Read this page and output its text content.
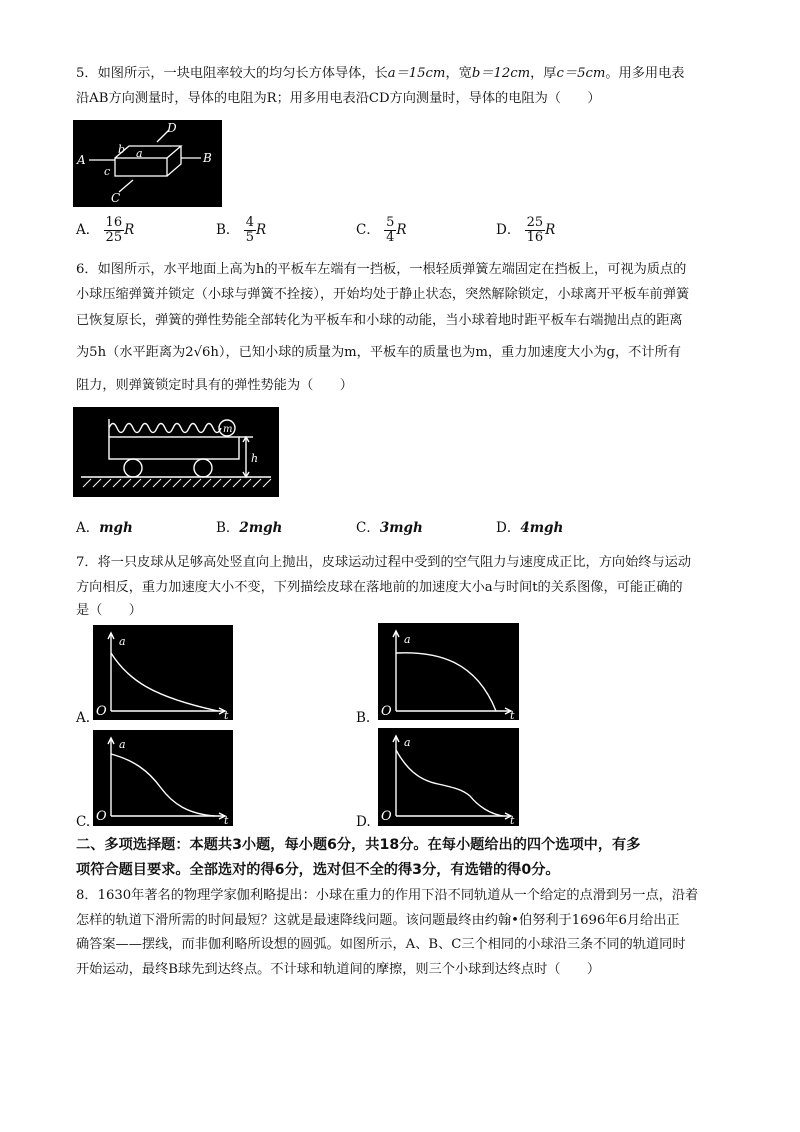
5．如图所示，一块电阻率较大的均匀长方体导体，长a＝15cm，宽b＝12cm，厚c＝5cm。用多用电表
沿AB方向测量时，导体的电阻为R；用多用电表沿CD方向测量时，导体的电阻为（　　）
A	B
C
D
a
b
c
A． $\frac{16}{25}$ R	B． $\frac{4}{5}$ R	C． $\frac{5}{4}$ R	D． $\frac{25}{16}$ R
6．如图所示，水平地面上高为h的平板车左端有一挡板，一根轻质弹簧左端固定在挡板上，可视为质点的
小球压缩弹簧并锁定（小球与弹簧不拴接），开始均处于静止状态，突然解除锁定，小球离开平板车前弹簧
已恢复原长，弹簧的弹性势能全部转化为平板车和小球的动能，当小球着地时距平板车右端抛出点的距离
为5h（水平距离为2√6h），已知小球的质量为m，平板车的质量也为m，重力加速度大小为g，不计所有
阻力，则弹簧锁定时具有的弹性势能为（　　）
m
h
A．mgh	B．2mgh	C．3mgh	D．4mgh
7．将一只皮球从足够高处竖直向上抛出，皮球运动过程中受到的空气阻力与速度成正比，方向始终与运动
方向相反，重力加速度大小不变，下列描绘皮球在落地前的加速度大小a与时间t的关系图像，可能正确的
是（　　）
A.
a
O	t	B.
a
O	t
C.
a
O	t	D.
a
O	t
二、多项选择题：本题共3小题，每小题6分，共18分。在每小题给出的四个选项中，有多
项符合题目要求。全部选对的得6分，选对但不全的得3分，有选错的得0分。
8．1630年著名的物理学家伽利略提出：小球在重力的作用下沿不同轨道从一个给定的点滑到另一点，沿着
怎样的轨道下滑所需的时间最短？这就是最速降线问题。该问题最终由约翰•伯努利于1696年6月给出正
确答案——摆线，而非伽利略所设想的圆弧。如图所示，A、B、C三个相同的小球沿三条不同的轨道同时
开始运动，最终B球先到达终点。不计球和轨道间的摩擦，则三个小球到达终点时（　　）
